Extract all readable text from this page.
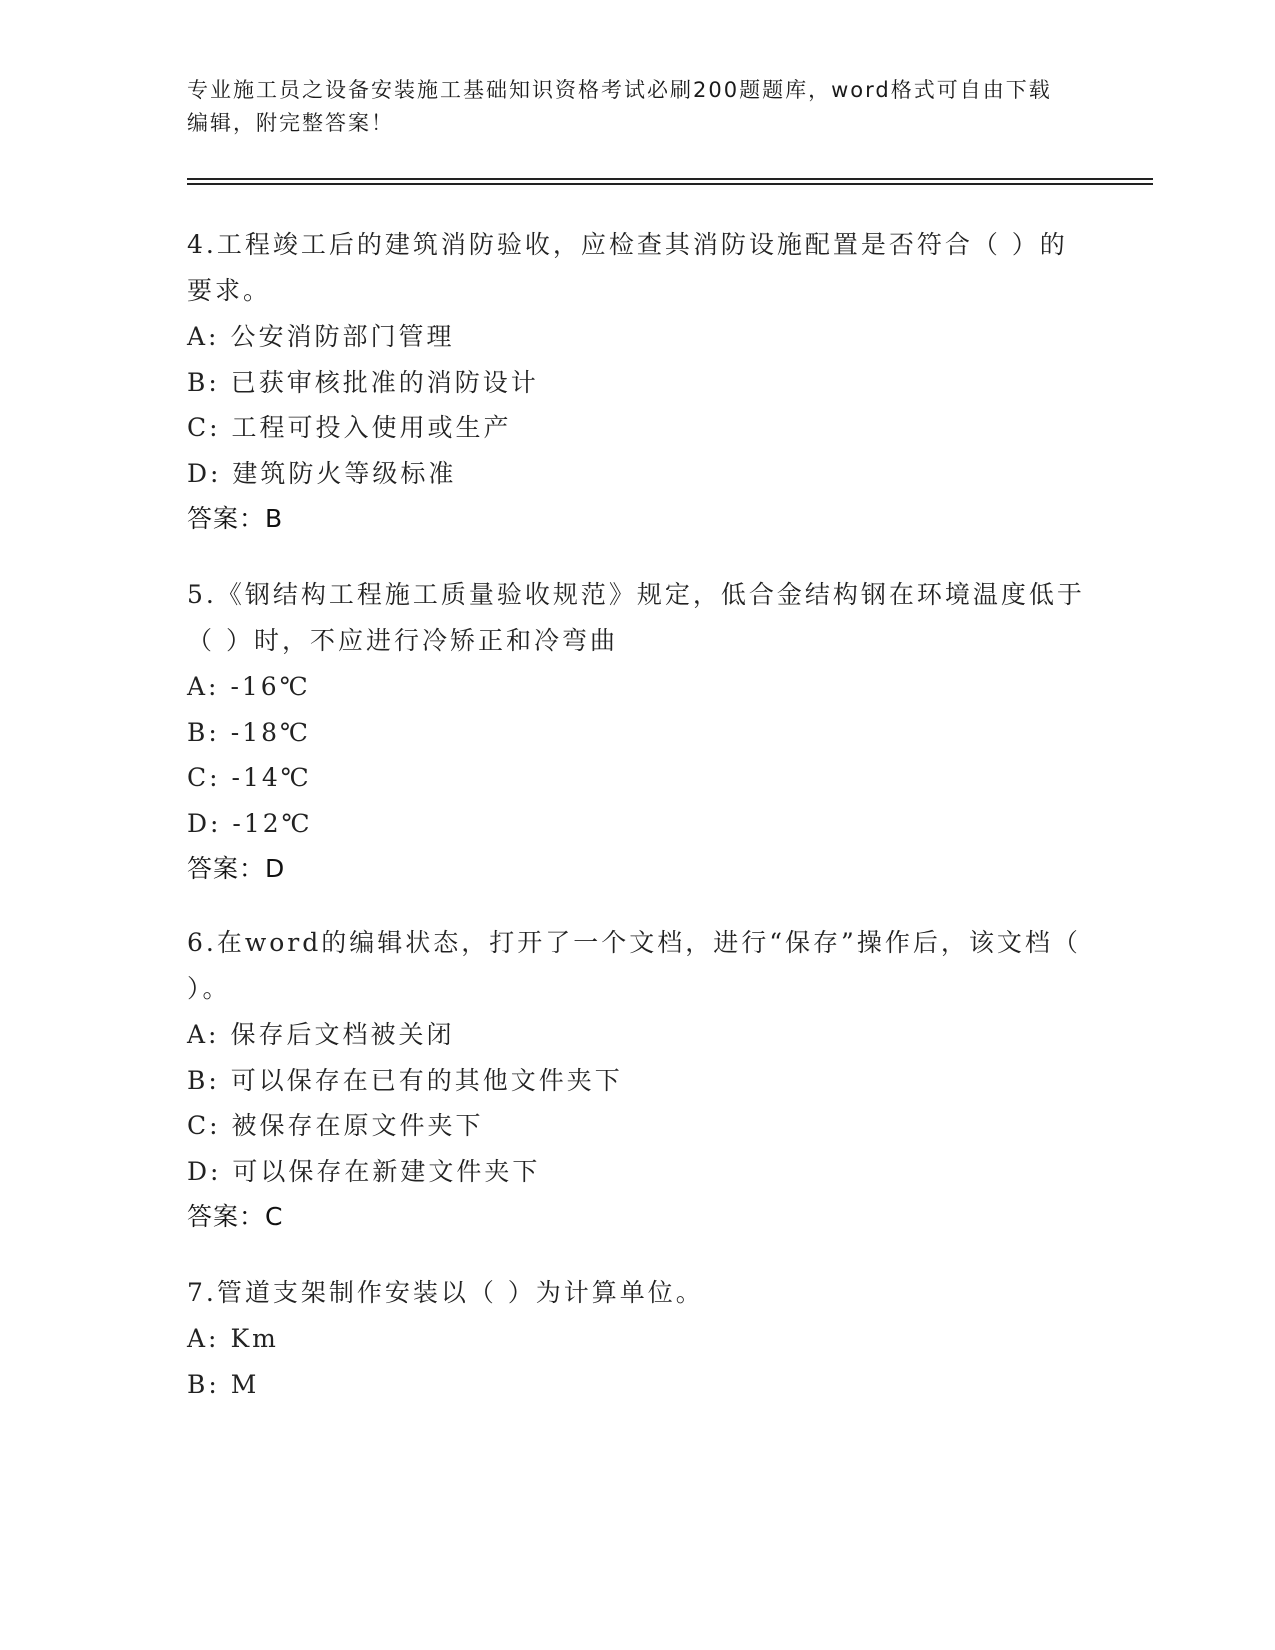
专业施工员之设备安装施工基础知识资格考试必刷200题题库，word格式可自由下载编辑，附完整答案！
4.工程竣工后的建筑消防验收，应检查其消防设施配置是否符合（ ）的要求。
A: 公安消防部门管理
B: 已获审核批准的消防设计
C: 工程可投入使用或生产
D: 建筑防火等级标准
答案：B
5.《钢结构工程施工质量验收规范》规定，低合金结构钢在环境温度低于（ ）时，不应进行冷矫正和冷弯曲
A: -16℃
B: -18℃
C: -14℃
D: -12℃
答案：D
6.在word的编辑状态，打开了一个文档，进行“保存”操作后，该文档（ ）。
A: 保存后文档被关闭
B: 可以保存在已有的其他文件夹下
C: 被保存在原文件夹下
D: 可以保存在新建文件夹下
答案：C
7.管道支架制作安装以（ ）为计算单位。
A: Km
B: M
